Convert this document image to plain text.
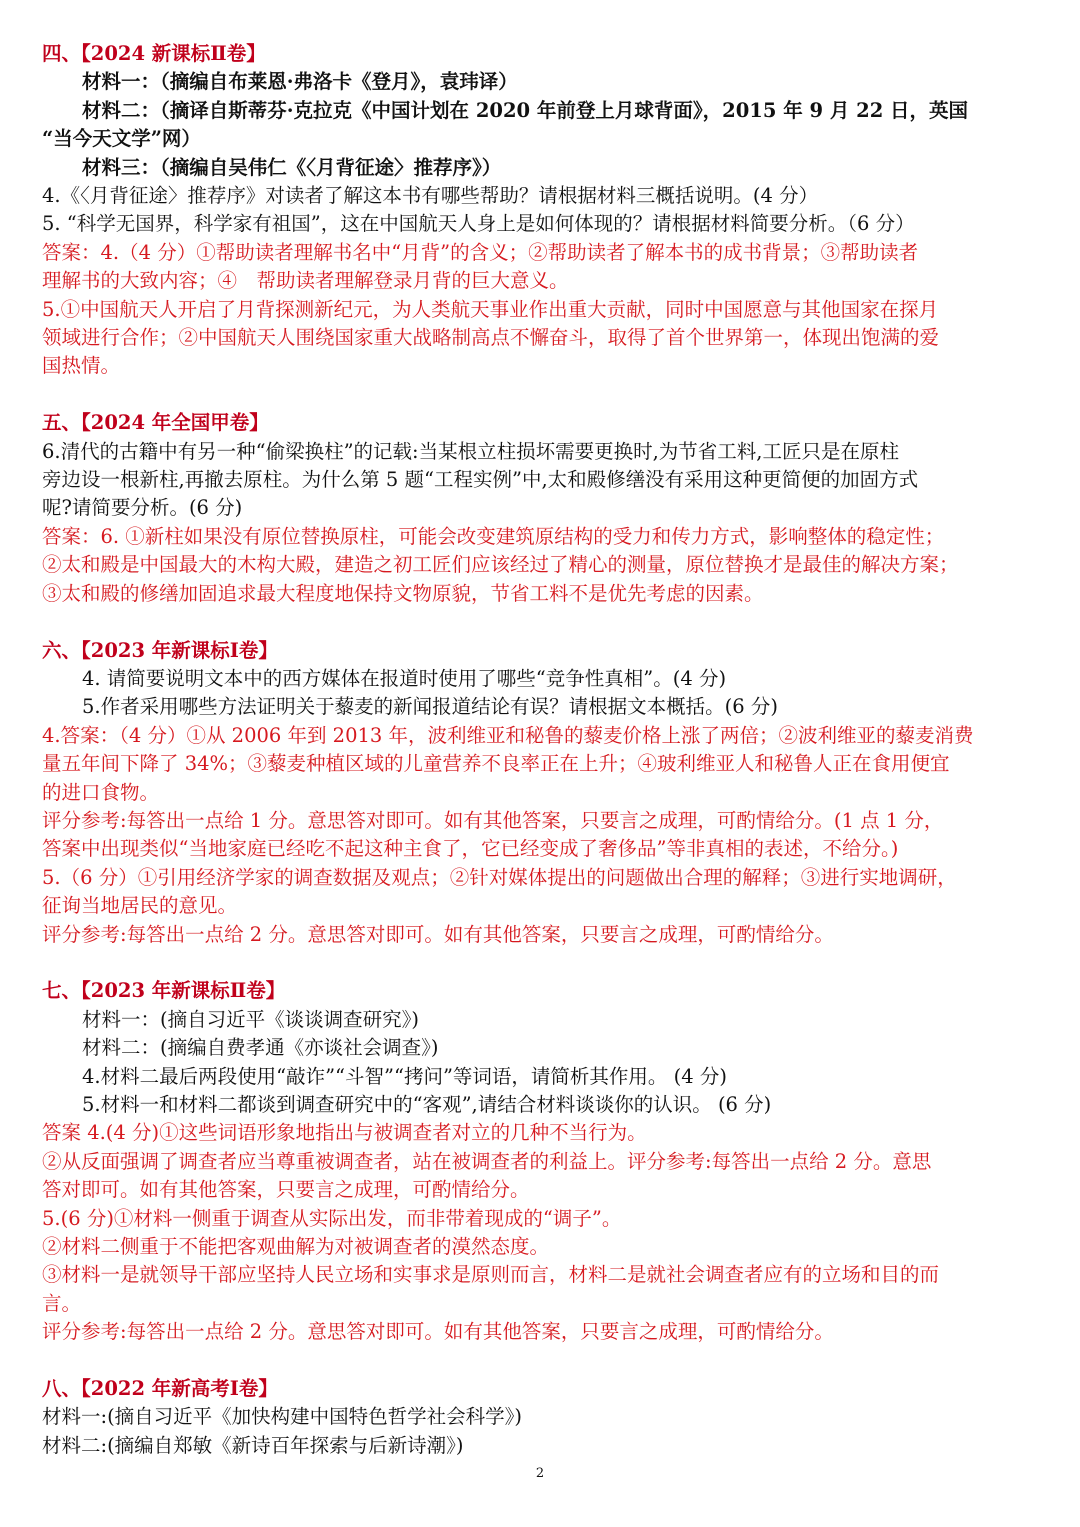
四、【2024 新课标Ⅱ卷】
材料一：（摘编自布莱恩·弗洛卡《登月》，袁玮译）
材料二：（摘译自斯蒂芬·克拉克《中国计划在 2020 年前登上月球背面》，2015 年 9 月 22 日，英国
“当今天文学”网）
材料三：（摘编自吴伟仁《〈月背征途〉推荐序》）
4.《〈月背征途〉推荐序》对读者了解这本书有哪些帮助？请根据材料三概括说明。(4 分）
5. “科学无国界，科学家有祖国”，这在中国航天人身上是如何体现的？请根据材料简要分析。（6 分）
答案：4.（4 分）①帮助读者理解书名中“月背”的含义；②帮助读者了解本书的成书背景；③帮助读者
理解书的大致内容；④　帮助读者理解登录月背的巨大意义。
5.①中国航天人开启了月背探测新纪元，为人类航天事业作出重大贡献，同时中国愿意与其他国家在探月
领域进行合作；②中国航天人围绕国家重大战略制高点不懈奋斗，取得了首个世界第一，体现出饱满的爱
国热情。
五、【2024 年全国甲卷】
6.清代的古籍中有另一种“偷梁换柱”的记载:当某根立柱损坏需要更换时,为节省工料,工匠只是在原柱
旁边设一根新柱,再撤去原柱。为什么第 5 题“工程实例”中,太和殿修缮没有采用这种更简便的加固方式
呢?请简要分析。(6 分)
答案：6. ①新柱如果没有原位替换原柱，可能会改变建筑原结构的受力和传力方式，影响整体的稳定性；
②太和殿是中国最大的木构大殿，建造之初工匠们应该经过了精心的测量，原位替换才是最佳的解决方案；
③太和殿的修缮加固追求最大程度地保持文物原貌，节省工料不是优先考虑的因素。
六、【2023 年新课标Ⅰ卷】
4. 请简要说明文本中的西方媒体在报道时使用了哪些“竞争性真相”。(4 分)
5.作者采用哪些方法证明关于藜麦的新闻报道结论有误？请根据文本概括。(6 分)
4.答案：（4 分）①从 2006 年到 2013 年，波利维亚和秘鲁的藜麦价格上涨了两倍；②波利维亚的藜麦消费
量五年间下降了 34%；③藜麦种植区域的儿童营养不良率正在上升；④玻利维亚人和秘鲁人正在食用便宜
的进口食物。
评分参考:每答出一点给 1 分。意思答对即可。如有其他答案，只要言之成理，可酌情给分。(1 点 1 分，
答案中出现类似“当地家庭已经吃不起这种主食了，它已经变成了奢侈品”等非真相的表述，不给分。)
5.（6 分）①引用经济学家的调查数据及观点；②针对媒体提出的问题做出合理的解释；③进行实地调研，
征询当地居民的意见。
评分参考:每答出一点给 2 分。意思答对即可。如有其他答案，只要言之成理，可酌情给分。
七、【2023 年新课标Ⅱ卷】
材料一：(摘自习近平《谈谈调查研究》)
材料二：(摘编自费孝通《亦谈社会调查》)
4.材料二最后两段使用“敲诈”“斗智”“拷问”等词语，请简析其作用。 (4 分)
5.材料一和材料二都谈到调查研究中的“客观”,请结合材料谈谈你的认识。 (6 分)
答案 4.(4 分)①这些词语形象地指出与被调查者对立的几种不当行为。
②从反面强调了调查者应当尊重被调查者，站在被调查者的利益上。评分参考:每答出一点给 2 分。意思
答对即可。如有其他答案，只要言之成理，可酌情给分。
5.(6 分)①材料一侧重于调查从实际出发，而非带着现成的“调子”。
②材料二侧重于不能把客观曲解为对被调查者的漠然态度。
③材料一是就领导干部应坚持人民立场和实事求是原则而言，材料二是就社会调查者应有的立场和目的而
言。
评分参考:每答出一点给 2 分。意思答对即可。如有其他答案，只要言之成理，可酌情给分。
八、【2022 年新高考Ⅰ卷】
材料一:(摘自习近平《加快构建中国特色哲学社会科学》)
材料二:(摘编自郑敏《新诗百年探索与后新诗潮》)
2
